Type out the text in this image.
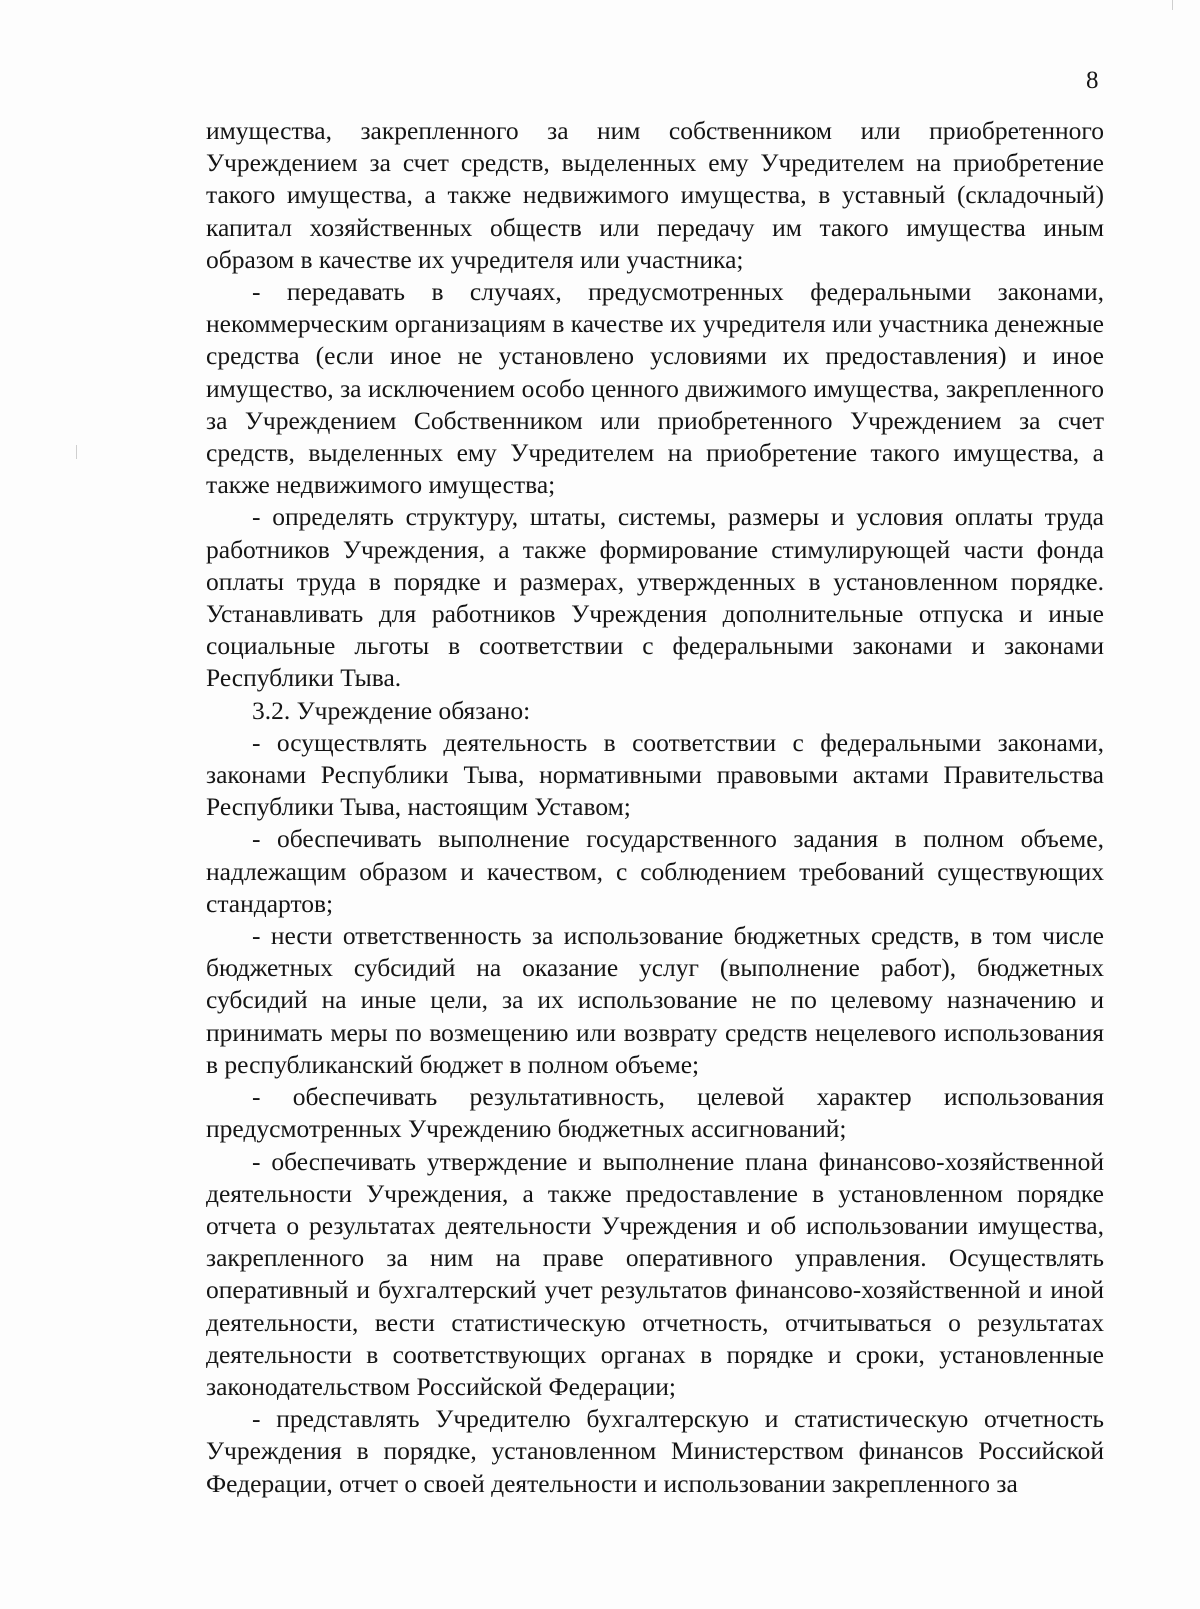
8

имущества, закрепленного за ним собственником или приобретенного Учреждением за счет средств, выделенных ему Учредителем на приобретение такого имущества, а также недвижимого имущества, в уставный (складочный) капитал хозяйственных обществ или передачу им такого имущества иным образом в качестве их учредителя или участника;

- передавать в случаях, предусмотренных федеральными законами, некоммерческим организациям в качестве их учредителя или участника денежные средства (если иное не установлено условиями их предоставления) и иное имущество, за исключением особо ценного движимого имущества, закрепленного за Учреждением Собственником или приобретенного Учреждением за счет средств, выделенных ему Учредителем на приобретение такого имущества, а также недвижимого имущества;

- определять структуру, штаты, системы, размеры и условия оплаты труда работников Учреждения, а также формирование стимулирующей части фонда оплаты труда в порядке и размерах, утвержденных в установленном порядке. Устанавливать для работников Учреждения дополнительные отпуска и иные социальные льготы в соответствии с федеральными законами и законами Республики Тыва.

3.2. Учреждение обязано:

- осуществлять деятельность в соответствии с федеральными законами, законами Республики Тыва, нормативными правовыми актами Правительства Республики Тыва, настоящим Уставом;

- обеспечивать выполнение государственного задания в полном объеме, надлежащим образом и качеством, с соблюдением требований существующих стандартов;

- нести ответственность за использование бюджетных средств, в том числе бюджетных субсидий на оказание услуг (выполнение работ), бюджетных субсидий на иные цели, за их использование не по целевому назначению и принимать меры по возмещению или возврату средств нецелевого использования в республиканский бюджет в полном объеме;

- обеспечивать результативность, целевой характер использования предусмотренных Учреждению бюджетных ассигнований;

- обеспечивать утверждение и выполнение плана финансово-хозяйственной деятельности Учреждения, а также предоставление в установленном порядке отчета о результатах деятельности Учреждения и об использовании имущества, закрепленного за ним на праве оперативного управления. Осуществлять оперативный и бухгалтерский учет результатов финансово-хозяйственной и иной деятельности, вести статистическую отчетность, отчитываться о результатах деятельности в соответствующих органах в порядке и сроки, установленные законодательством Российской Федерации;

- представлять Учредителю бухгалтерскую и статистическую отчетность Учреждения в порядке, установленном Министерством финансов Российской Федерации, отчет о своей деятельности и использовании закрепленного за
